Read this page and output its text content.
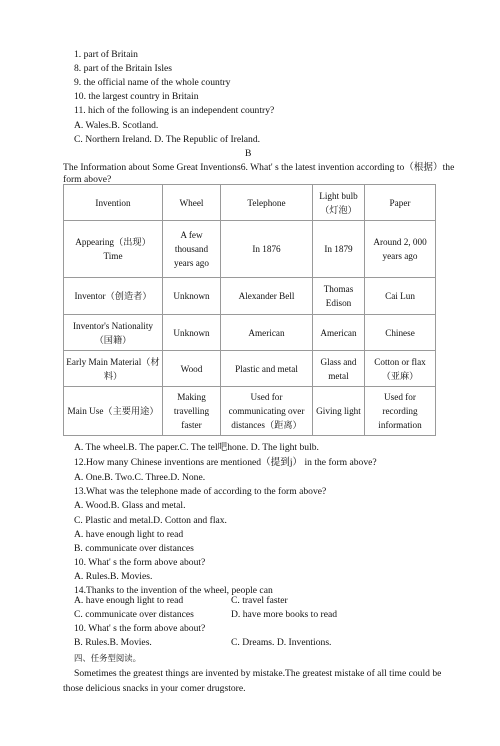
1. part of Britain
8. part of the Britain Isles
9. the official name of the whole country
10. the largest country in Britain
11. hich of the following is an independent country?
A. Wales.B. Scotland.
C. Northern Ireland. D. The Republic of Ireland.
B
The Information about Some Great Inventions6. What' s the latest invention according to（根据）the form above?
Invention	Wheel	Telephone	Light bulb（灯泡）	Paper
Appearing（出现）Time	A few thousand years ago	In 1876	In 1879	Around 2, 000 years ago
Inventor（创造者）	Unknown	Alexander Bell	Thomas Edison	Cai Lun
Inventor's Nationality （国籍）	Unknown	American	American	Chinese
Early Main Material（材料）	Wood	Plastic and metal	Glass and metal	Cotton or flax（亚麻）
Main Use（主要用途）	Making travelling faster	Used for communicating over distances（距离）	Giving light	Used for recording information
A. The wheel.B. The paper.C. The tel吧hone. D. The light bulb.
12.How many Chinese inventions are mentioned（提到j） in the form above?
A. One.B. Two.C. Three.D. None.
13.What was the telephone made of according to the form above?
A. Wood.B. Glass and metal.
C. Plastic and metal.D. Cotton and flax.
A. have enough light to read
B. communicate over distances
10. What' s the form above about?
A. Rules.B. Movies.
14.Thanks to the invention of the wheel, people can
A. have enough light to read	C. travel faster
C. communicate over distances	D. have more books to read
10. What' s the form above about?
B. Rules.B. Movies.	C. Dreams. D. Inventions.
四、任务型阅读。
Sometimes the greatest things are invented by mistake.The greatest mistake of all time could be those delicious snacks in your comer drugstore.
